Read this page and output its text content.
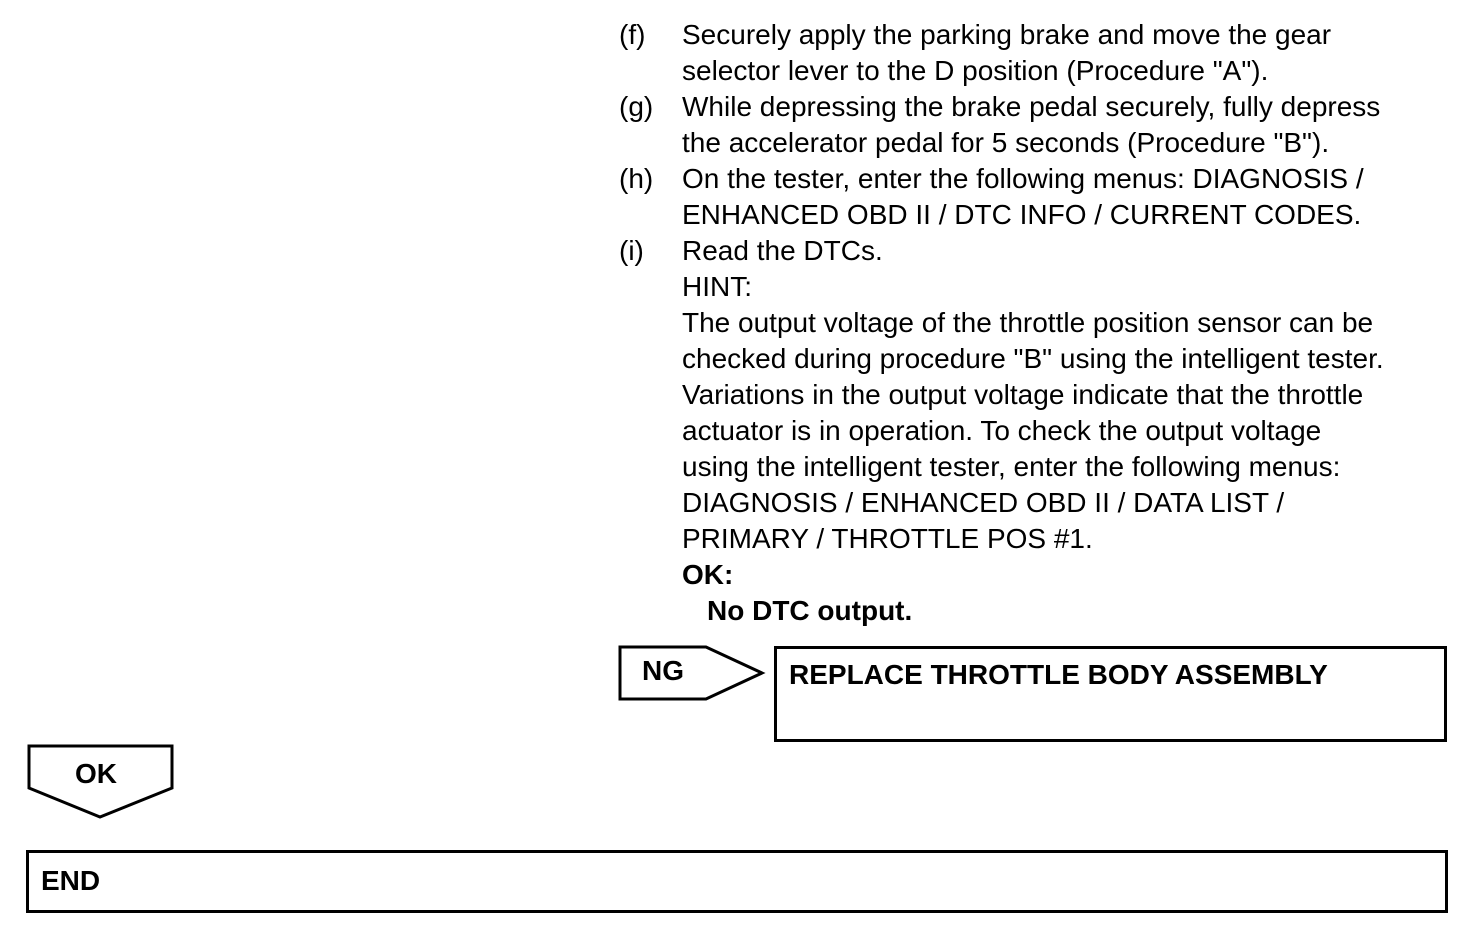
(f)	Securely apply the parking brake and move the gear
selector lever to the D position (Procedure "A").
(g)	While depressing the brake pedal securely, fully depress
the accelerator pedal for 5 seconds (Procedure "B").
(h)	On the tester, enter the following menus: DIAGNOSIS /
ENHANCED OBD II / DTC INFO / CURRENT CODES.
(i)	Read the DTCs.
HINT:
The output voltage of the throttle position sensor can be
checked during procedure "B" using the intelligent tester.
Variations in the output voltage indicate that the throttle
actuator is in operation. To check the output voltage
using the intelligent tester, enter the following menus:
DIAGNOSIS / ENHANCED OBD II / DATA LIST /
PRIMARY / THROTTLE POS #1.
OK:
No DTC output.
NG	REPLACE THROTTLE BODY ASSEMBLY
OK
END
